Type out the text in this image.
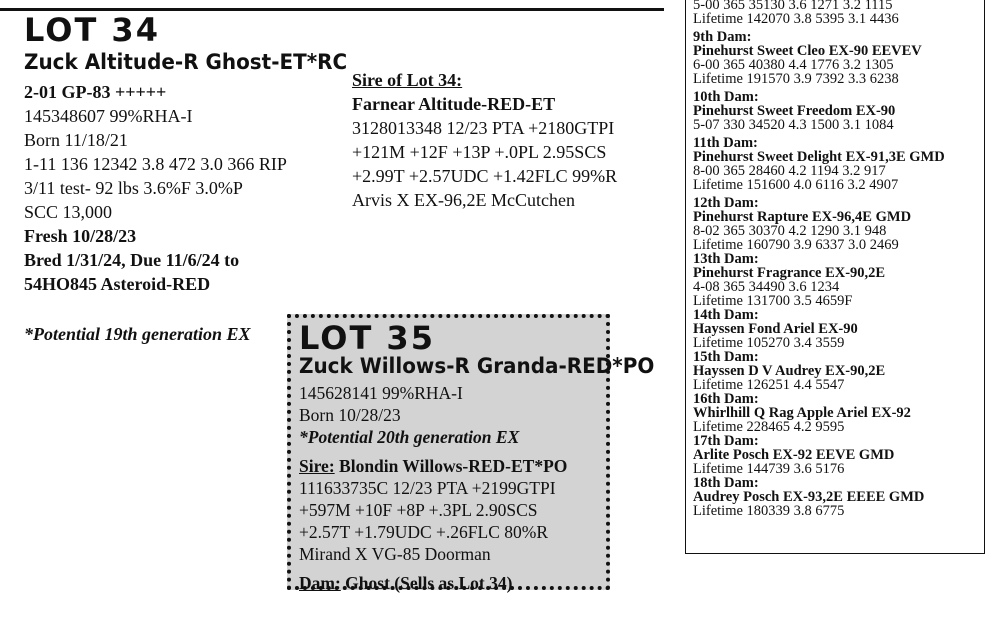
LOT 34
Zuck Altitude-R Ghost-ET*RC

2-01 GP-83 +++++

145348607 99%RHA-I

Born 11/18/21

1-11 136 12342 3.8 472 3.0 366 RIP

3/11 test- 92 lbs 3.6%F 3.0%P

SCC 13,000

Fresh 10/28/23

Bred 1/31/24, Due 11/6/24 to

54HO845 Asteroid-RED

*Potential 19th generation EX

Sire of Lot 34:

Farnear Altitude-RED-ET

3128013348 12/23 PTA +2180GTPI

+121M +12F +13P +.0PL 2.95SCS

+2.99T +2.57UDC +1.42FLC 99%R

Arvis X EX-96,2E McCutchen

LOT 35
Zuck Willows-R Granda-RED*PO

145628141 99%RHA-I

Born 10/28/23

*Potential 20th generation EX

Sire: Blondin Willows-RED-ET*PO

111633735C 12/23 PTA +2199GTPI

+597M +10F +8P +.3PL 2.90SCS

+2.57T +1.79UDC +.26FLC 80%R

Mirand X VG-85 Doorman

Dam: Ghost (Sells as Lot 34)

5-00 365 35130 3.6 1271 3.2 1115
Lifetime 142070 3.8 5395 3.1 4436
9th Dam:
Pinehurst Sweet Cleo EX-90 EEVEV
6-00 365 40380 4.4 1776 3.2 1305
Lifetime 191570 3.9 7392 3.3 6238
10th Dam:
Pinehurst Sweet Freedom EX-90
5-07 330 34520 4.3 1500 3.1 1084
11th Dam:
Pinehurst Sweet Delight EX-91,3E GMD
8-00 365 28460 4.2 1194 3.2 917
Lifetime 151600 4.0 6116 3.2 4907
12th Dam:
Pinehurst Rapture EX-96,4E GMD
8-02 365 30370 4.2 1290 3.1 948
Lifetime 160790 3.9 6337 3.0 2469
13th Dam:
Pinehurst Fragrance EX-90,2E
4-08 365 34490 3.6 1234
Lifetime 131700 3.5 4659F
14th Dam:
Hayssen Fond Ariel EX-90
Lifetime 105270 3.4 3559
15th Dam:
Hayssen D V Audrey EX-90,2E
Lifetime 126251 4.4 5547
16th Dam:
Whirlhill Q Rag Apple Ariel EX-92
Lifetime 228465 4.2 9595
17th Dam:
Arlite Posch EX-92 EEVE GMD
Lifetime 144739 3.6 5176
18th Dam:
Audrey Posch EX-93,2E EEEE GMD
Lifetime 180339 3.8 6775
